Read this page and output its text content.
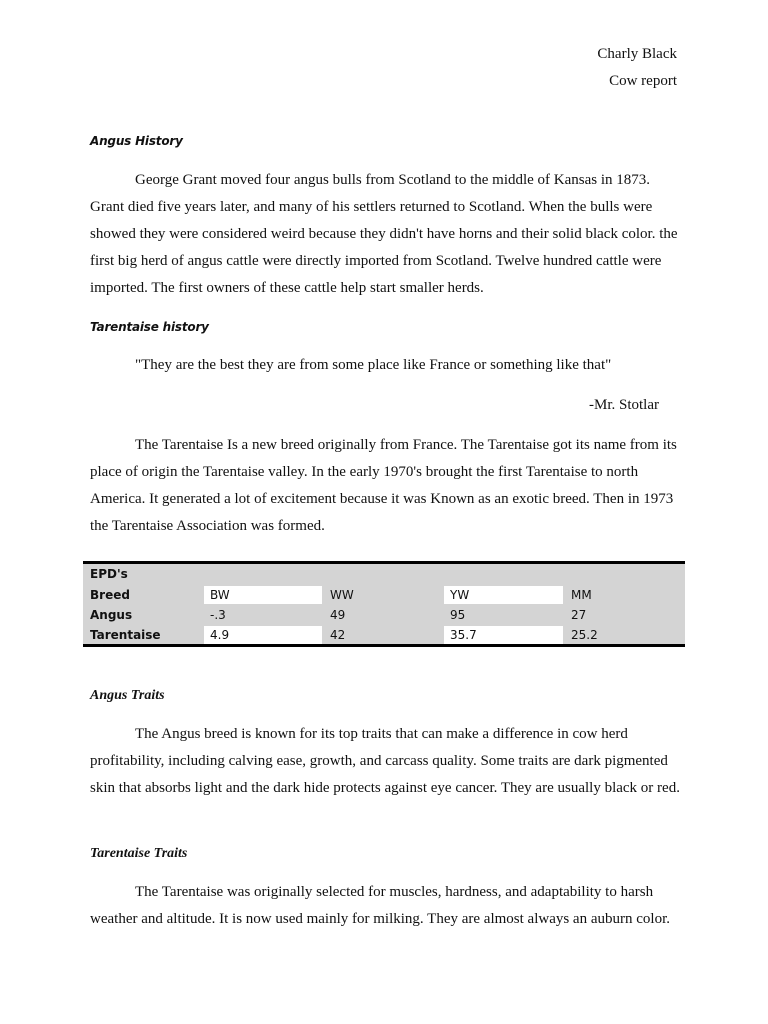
Charly Black
Cow report
Angus History

George Grant moved four angus bulls from Scotland to the middle of Kansas in 1873. Grant died five years later, and many of his settlers returned to Scotland. When the bulls were showed they were considered weird because they didn't have horns and their solid black color. the first big herd of angus cattle were directly imported from Scotland. Twelve hundred cattle were imported. The first owners of these cattle help start smaller herds.

Tarentaise history
"They are the best they are from some place like France or something like that"
-Mr. Stotlar

The Tarentaise Is a new breed originally from France. The Tarentaise got its name from its place of origin the Tarentaise valley. In the early 1970's brought the first Tarentaise to north America. It generated a lot of excitement because it was Known as an exotic breed. Then in 1973 the Tarentaise Association was formed.

EPD's
Breed	BW	WW	YW	MM
Angus	-.3	49	95	27
Tarentaise	4.9	42	35.7	25.2
Angus Traits

The Angus breed is known for its top traits that can make a difference in cow herd profitability, including calving ease, growth, and carcass quality. Some traits are dark pigmented skin that absorbs light and the dark hide protects against eye cancer. They are usually black or red.

Tarentaise Traits

The Tarentaise was originally selected for muscles, hardness, and adaptability to harsh weather and altitude. It is now used mainly for milking. They are almost always an auburn color.
